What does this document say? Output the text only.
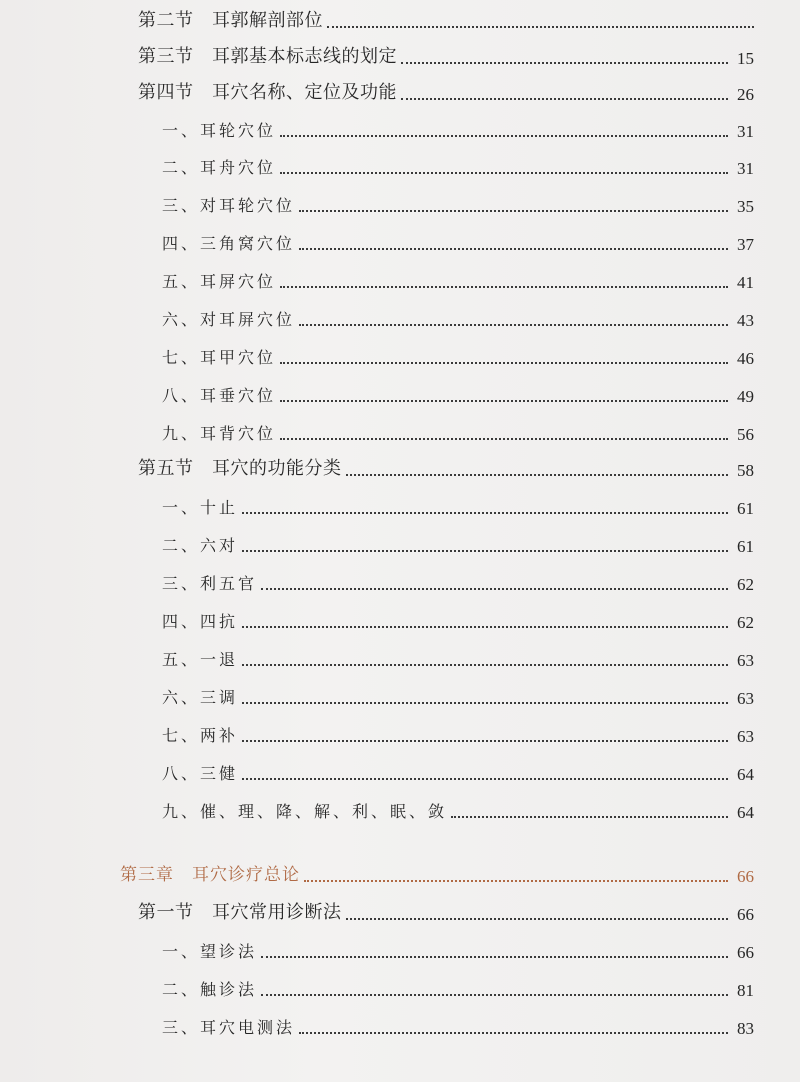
第二节　耳郭解剖部位
第三节　耳郭基本标志线的划定	15
第四节　耳穴名称、定位及功能	26
一、耳轮穴位	31
二、耳舟穴位	31
三、对耳轮穴位	35
四、三角窝穴位	37
五、耳屏穴位	41
六、对耳屏穴位	43
七、耳甲穴位	46
八、耳垂穴位	49
九、耳背穴位	56
第五节　耳穴的功能分类	58
一、十止	61
二、六对	61
三、利五官	62
四、四抗	62
五、一退	63
六、三调	63
七、两补	63
八、三健	64
九、催、理、降、解、利、眠、敛	64
第三章　耳穴诊疗总论	66
第一节　耳穴常用诊断法	66
一、望诊法	66
二、触诊法	81
三、耳穴电测法	83
